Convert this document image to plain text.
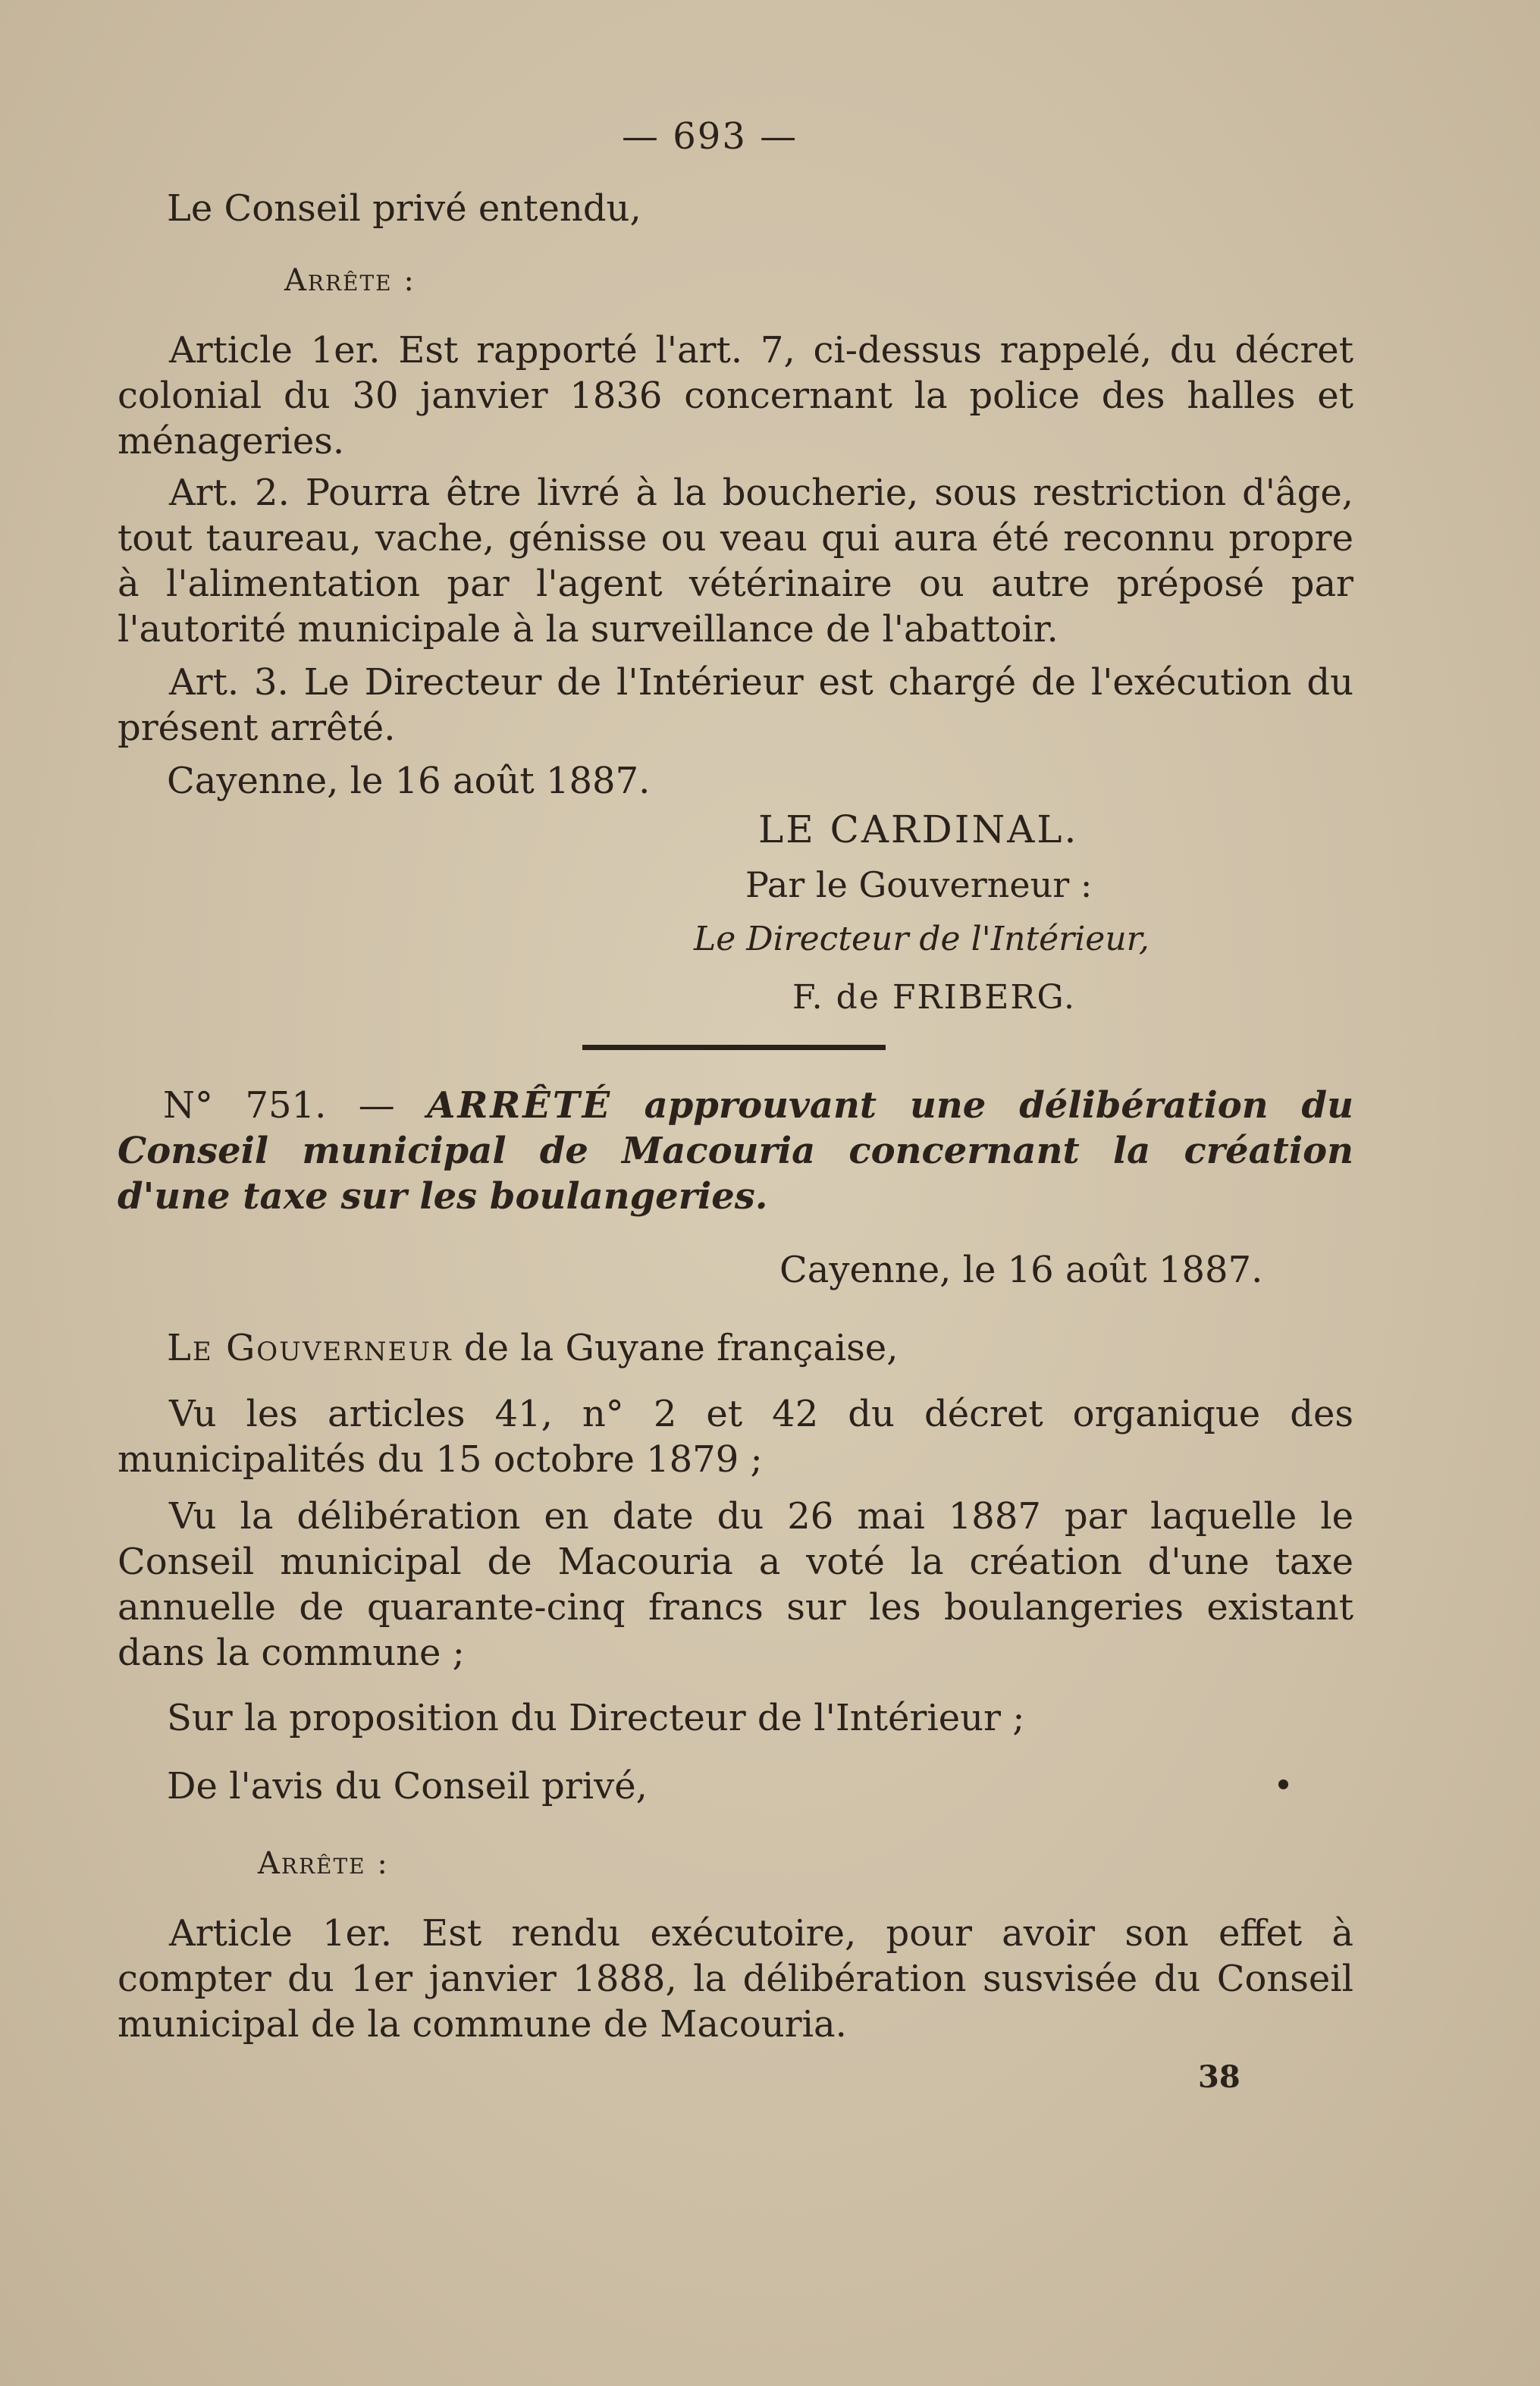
— 693 —
Le Conseil privé entendu,
Arrête :
Article 1er. Est rapporté l'art. 7, ci-dessus rappelé, du décret colonial du 30 janvier 1836 concernant la police des halles et ménageries.
Art. 2. Pourra être livré à la boucherie, sous restriction d'âge, tout taureau, vache, génisse ou veau qui aura été reconnu propre à l'alimentation par l'agent vétérinaire ou autre préposé par l'autorité municipale à la surveillance de l'abattoir.
Art. 3. Le Directeur de l'Intérieur est chargé de l'exécution du présent arrêté.
Cayenne, le 16 août 1887.
LE CARDINAL.
Par le Gouverneur :
Le Directeur de l'Intérieur,
F. de FRIBERG.
N° 751. — ARRÊTÉ approuvant une délibération du Conseil municipal de Macouria concernant la création d'une taxe sur les boulangeries.
Cayenne, le 16 août 1887.
Le Gouverneur de la Guyane française,
Vu les articles 41, n° 2 et 42 du décret organique des municipalités du 15 octobre 1879 ;
Vu la délibération en date du 26 mai 1887 par laquelle le Conseil municipal de Macouria a voté la création d'une taxe annuelle de quarante-cinq francs sur les boulangeries existant dans la commune ;
Sur la proposition du Directeur de l'Intérieur ;
De l'avis du Conseil privé,
Arrête :
Article 1er. Est rendu exécutoire, pour avoir son effet à compter du 1er janvier 1888, la délibération susvisée du Conseil municipal de la commune de Macouria.
38
